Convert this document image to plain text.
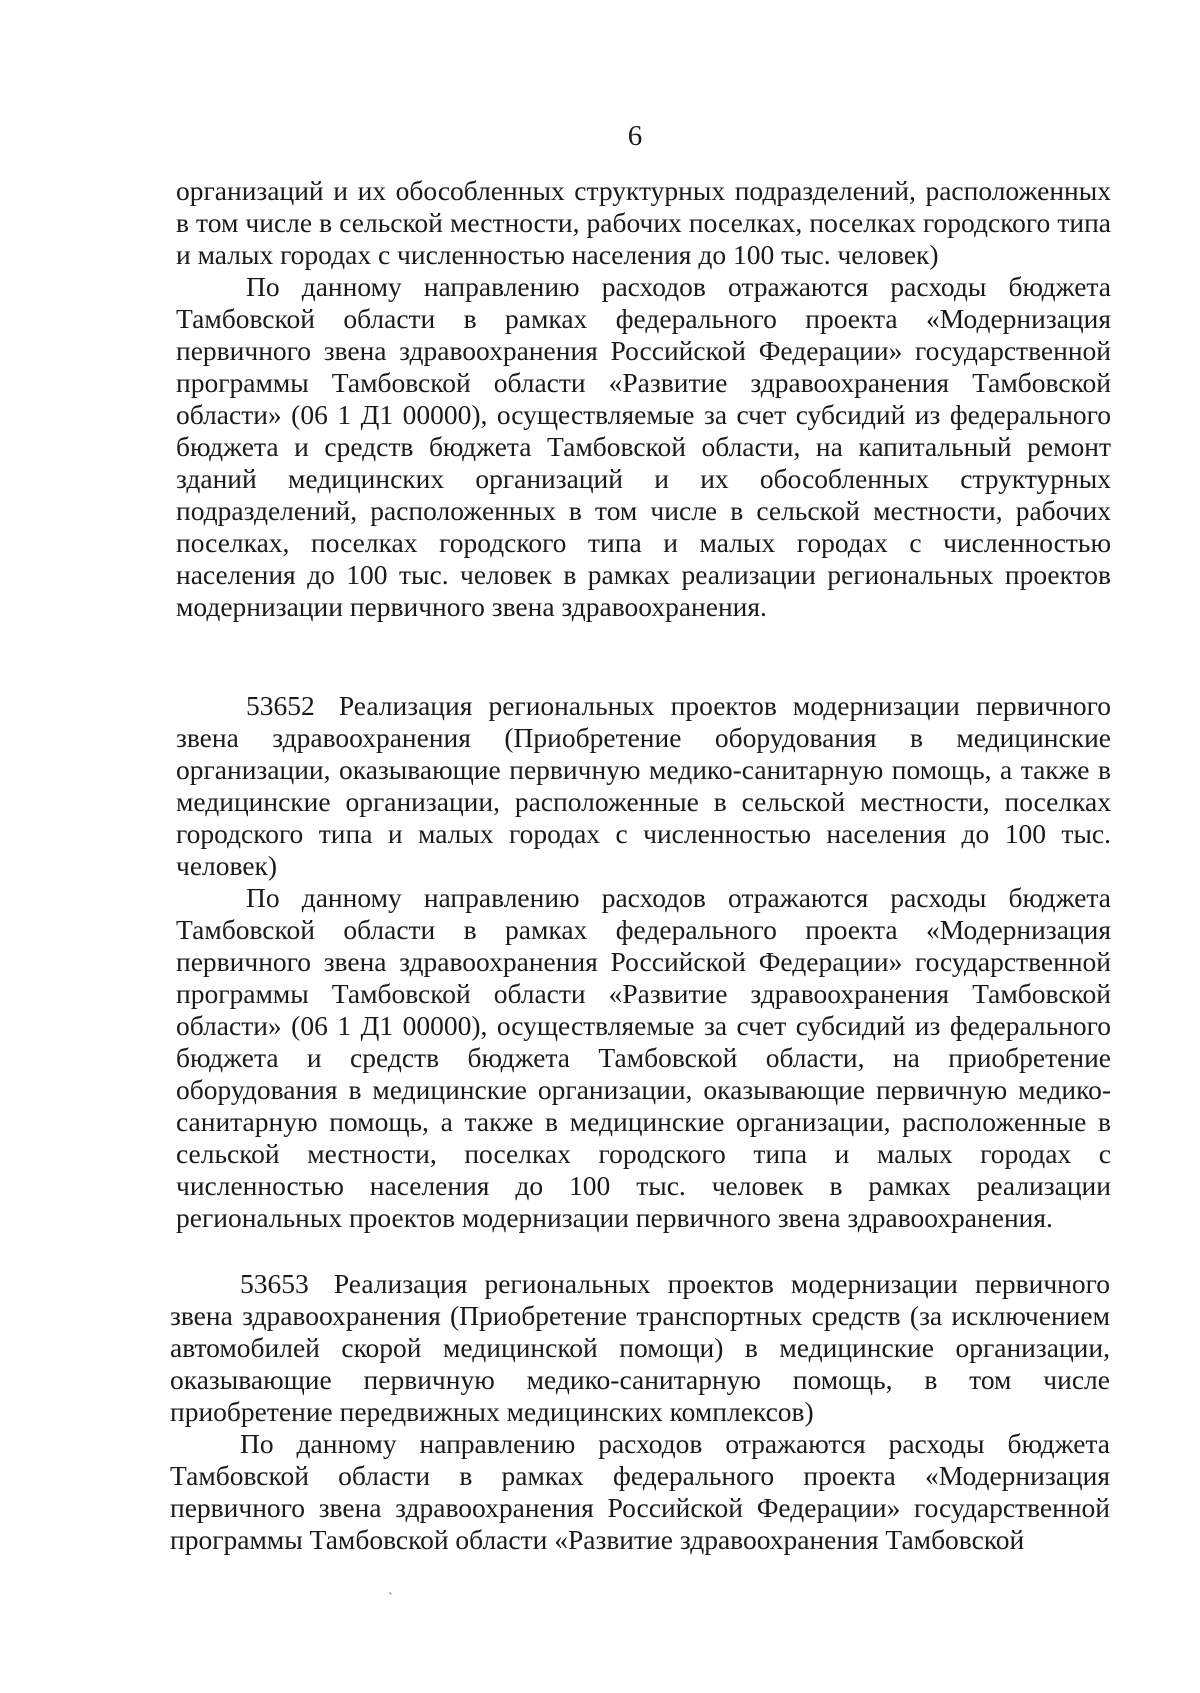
6

организаций и их обособленных структурных подразделений, расположенных в том числе в сельской местности, рабочих поселках, поселках городского типа и малых городах с численностью населения до 100 тыс. человек)

По данному направлению расходов отражаются расходы бюджета Тамбовской области в рамках федерального проекта «Модернизация первичного звена здравоохранения Российской Федерации» государственной программы Тамбовской области «Развитие здравоохранения Тамбовской области» (06 1 Д1 00000), осуществляемые за счет субсидий из федерального бюджета и средств бюджета Тамбовской области, на капитальный ремонт зданий медицинских организаций и их обособленных структурных подразделений, расположенных в том числе в сельской местности, рабочих поселках, поселках городского типа и малых городах с численностью населения до 100 тыс. человек в рамках реализации региональных проектов модернизации первичного звена здравоохранения.

53652 Реализация региональных проектов модернизации первичного звена здравоохранения (Приобретение оборудования в медицинские организации, оказывающие первичную медико-санитарную помощь, а также в медицинские организации, расположенные в сельской местности, поселках городского типа и малых городах с численностью населения до 100 тыс. человек)

По данному направлению расходов отражаются расходы бюджета Тамбовской области в рамках федерального проекта «Модернизация первичного звена здравоохранения Российской Федерации» государственной программы Тамбовской области «Развитие здравоохранения Тамбовской области» (06 1 Д1 00000), осуществляемые за счет субсидий из федерального бюджета и средств бюджета Тамбовской области, на приобретение оборудования в медицинские организации, оказывающие первичную медико-санитарную помощь, а также в медицинские организации, расположенные в сельской местности, поселках городского типа и малых городах с численностью населения до 100 тыс. человек в рамках реализации региональных проектов модернизации первичного звена здравоохранения.

53653 Реализация региональных проектов модернизации первичного звена здравоохранения (Приобретение транспортных средств (за исключением автомобилей скорой медицинской помощи) в медицинские организации, оказывающие первичную медико-санитарную помощь, в том числе приобретение передвижных медицинских комплексов)

По данному направлению расходов отражаются расходы бюджета Тамбовской области в рамках федерального проекта «Модернизация первичного звена здравоохранения Российской Федерации» государственной программы Тамбовской области «Развитие здравоохранения Тамбовской

ˋ
